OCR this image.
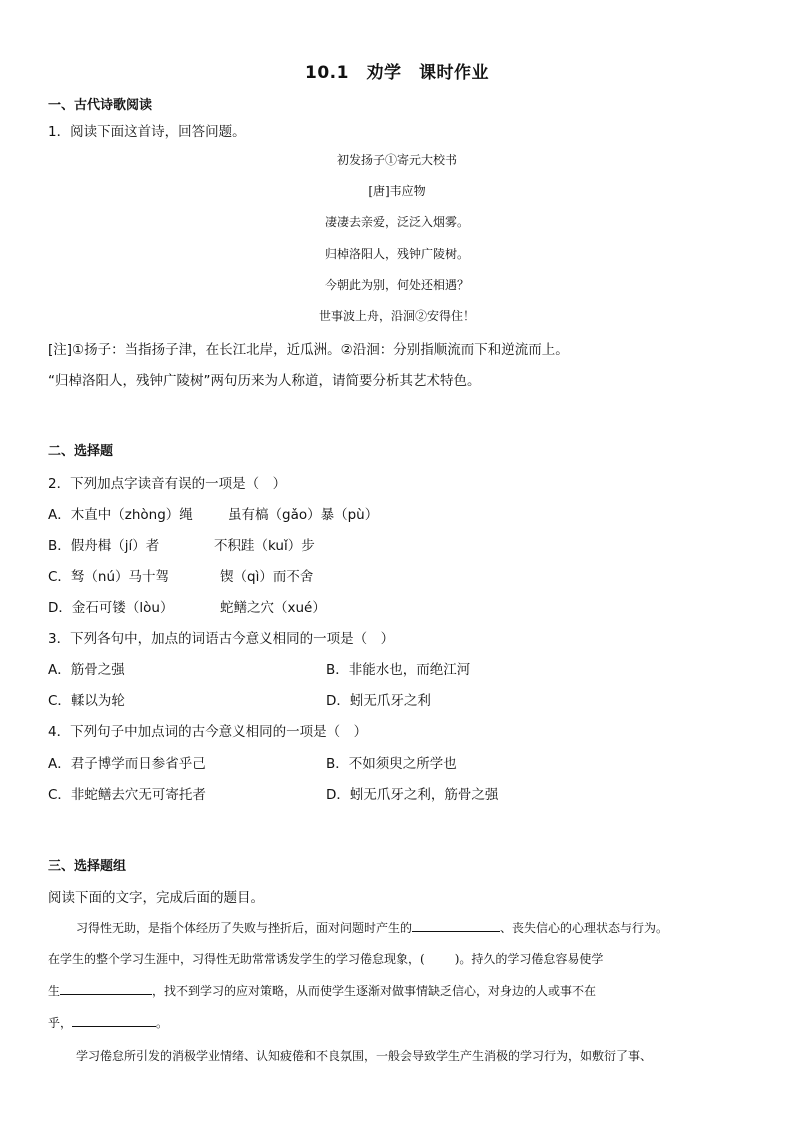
10.1　劝学　课时作业
一、古代诗歌阅读
1．阅读下面这首诗，回答问题。
初发扬子①寄元大校书
[唐]韦应物
凄凄去亲爱，泛泛入烟雾。
归棹洛阳人，残钟广陵树。
今朝此为别，何处还相遇？
世事波上舟，沿洄②安得住！
[注]①扬子：当指扬子津，在长江北岸，近瓜洲。②沿洄：分别指顺流而下和逆流而上。
“归棹洛阳人，残钟广陵树”两句历来为人称道，请简要分析其艺术特色。
二、选择题
2．下列加点字读音有误的一项是（　）
A．木直中（zhòng）绳	虽有槁（gǎo）暴（pù）
B．假舟楫（jí）者	不积跬（kuǐ）步
C．驽（nú）马十驾	锲（qì）而不舍
D．金石可镂（lòu）	蛇鳝之穴（xué）
3．下列各句中，加点的词语古今意义相同的一项是（　）
A．筋骨之强	B．非能水也，而绝江河
C．輮以为轮	D．蚓无爪牙之利
4．下列句子中加点词的古今意义相同的一项是（　）
A．君子博学而日参省乎己	B．不如须臾之所学也
C．非蛇鳝去穴无可寄托者	D．蚓无爪牙之利，筋骨之强
三、选择题组
阅读下面的文字，完成后面的题目。
习得性无助，是指个体经历了失败与挫折后，面对问题时产生的	、丧失信心的心理状态与行为。
在学生的整个学习生涯中，习得性无助常常诱发学生的学习倦怠现象，(	)。持久的学习倦怠容易使学
生	，找不到学习的应对策略，从而使学生逐渐对做事情缺乏信心，对身边的人或事不在
乎，	。
学习倦怠所引发的消极学业情绪、认知疲倦和不良氛围，一般会导致学生产生消极的学习行为，如敷衍了事、
